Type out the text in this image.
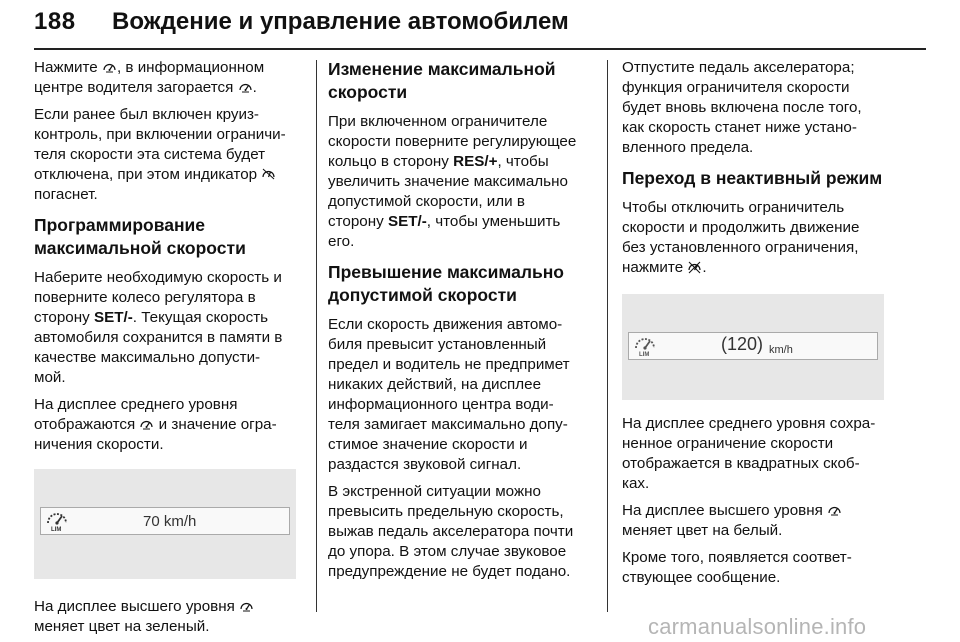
188 Вождение и управление автомобилем

Нажмите , в информационном
центре водителя загорается .

Если ранее был включен круиз-
контроль, при включении ограничи-
теля скорости эта система будет
отключена, при этом индикатор
погаснет.

Программирование
максимальной скорости

Наберите необходимую скорость и
поверните колесо регулятора в
сторону SET/-. Текущая скорость
автомобиля сохранится в памяти в
качестве максимально допусти-
мой.

На дисплее среднего уровня
отображаются и значение огра-
ничения скорости.

LIM	70 km/h

На дисплее высшего уровня
меняет цвет на зеленый.

Изменение максимальной
скорости

При включенном ограничителе
скорости поверните регулирующее
кольцо в сторону RES/+, чтобы
увеличить значение максимально
допустимой скорости, или в
сторону SET/-, чтобы уменьшить
его.

Превышение максимально
допустимой скорости

Если скорость движения автомо-
биля превысит установленный
предел и водитель не предпримет
никаких действий, на дисплее
информационного центра води-
теля замигает максимально допу-
стимое значение скорости и
раздастся звуковой сигнал.

В экстренной ситуации можно
превысить предельную скорость,
выжав педаль акселератора почти
до упора. В этом случае звуковое
предупреждение не будет подано.

Отпустите педаль акселератора;
функция ограничителя скорости
будет вновь включена после того,
как скорость станет ниже устано-
вленного предела.

Переход в неактивный режим

Чтобы отключить ограничитель
скорости и продолжить движение
без установленного ограничения,
нажмите .

LIM
(120) km/h

На дисплее среднего уровня сохра-
ненное ограничение скорости
отображается в квадратных скоб-
ках.

На дисплее высшего уровня
меняет цвет на белый.

Кроме того, появляется соответ-
ствующее сообщение.

carmanualsonline.info
